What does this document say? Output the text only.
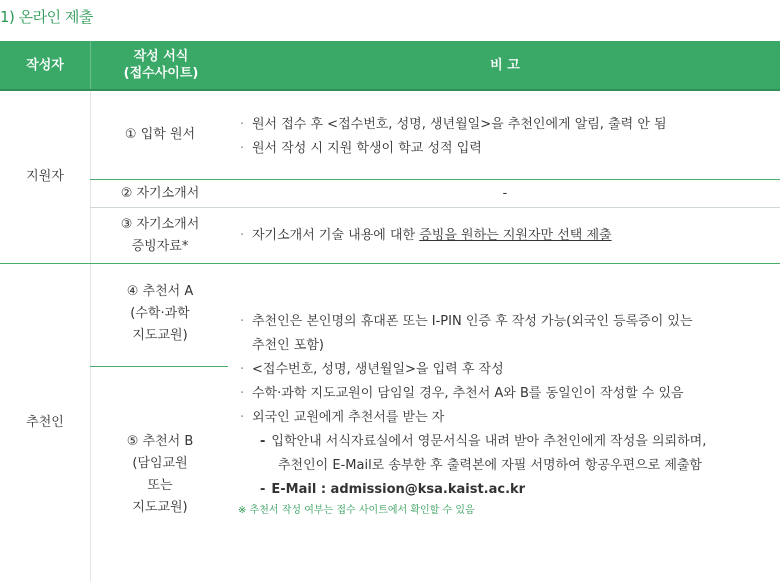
1) 온라인 제출
작성자
작성 서식
(접수사이트)
비 고
지원자
① 입학 원서
· 원서 접수 후 <접수번호, 성명, 생년월일>을 추천인에게 알림, 출력 안 됨
· 원서 작성 시 지원 학생이 학교 성적 입력
② 자기소개서	-
③ 자기소개서
증빙자료*
· 자기소개서 기술 내용에 대한 증빙을 원하는 지원자만 선택 제출
추천인
④ 추천서 A
(수학·과학
지도교원)
⑤ 추천서 B
(담임교원
또는
지도교원)
· 추천인은 본인명의 휴대폰 또는 I-PIN 인증 후 작성 가능(외국인 등록증이 있는
추천인 포함)
· <접수번호, 성명, 생년월일>을 입력 후 작성
· 수학·과학 지도교원이 담임일 경우, 추천서 A와 B를 동일인이 작성할 수 있음
· 외국인 교원에게 추천서를 받는 자
- 입학안내 서식자료실에서 영문서식을 내려 받아 추천인에게 작성을 의뢰하며,
추천인이 E-Mail로 송부한 후 출력본에 자필 서명하여 항공우편으로 제출함
- E-Mail : admission@ksa.kaist.ac.kr
※ 추천서 작성 여부는 접수 사이트에서 확인할 수 있음
